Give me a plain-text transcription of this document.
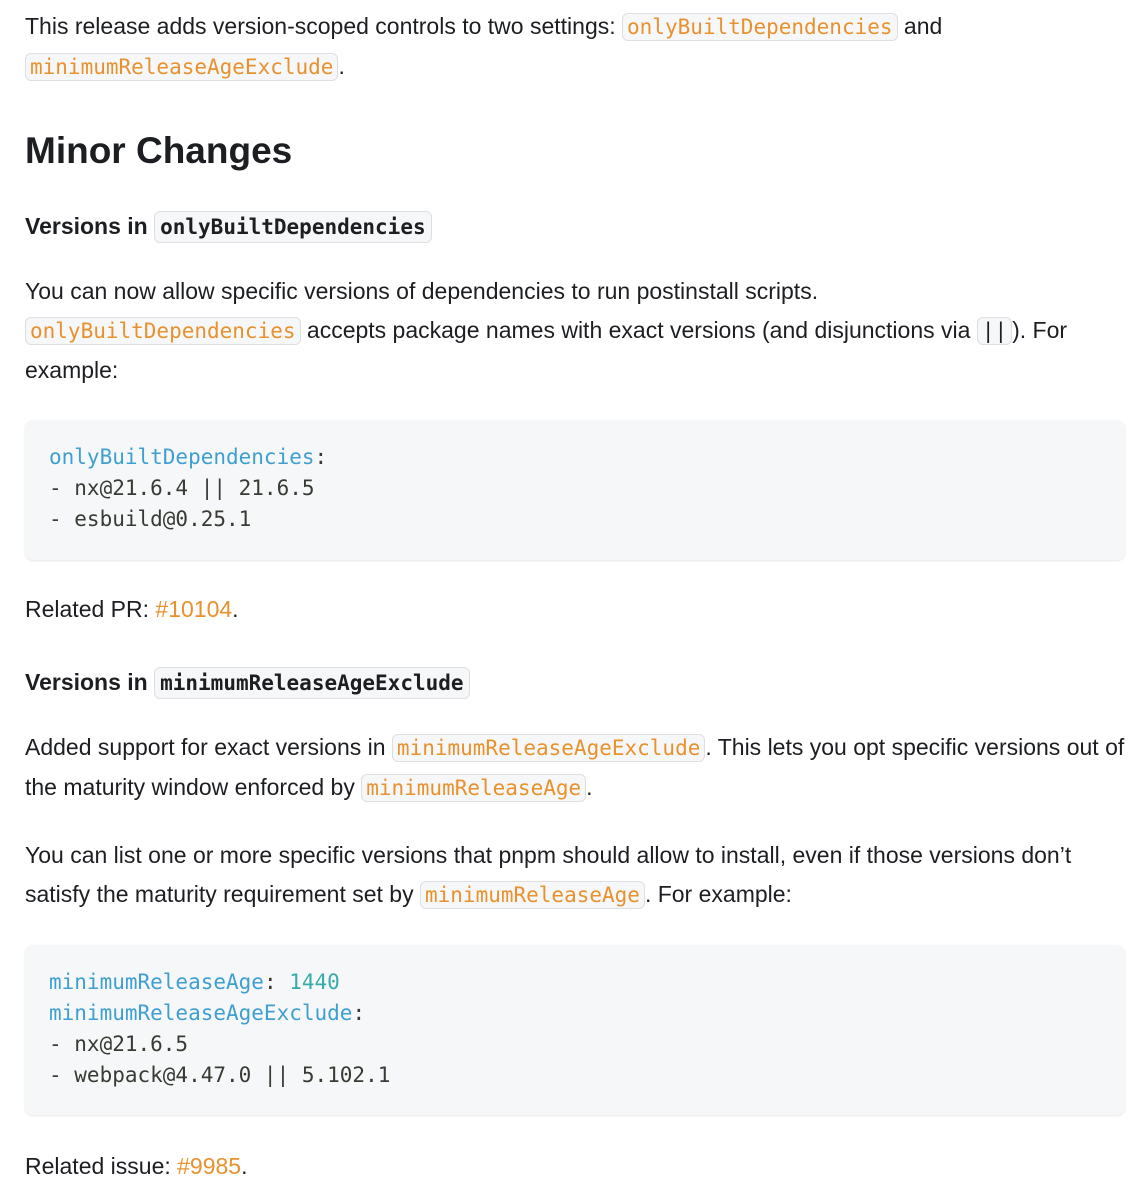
This release adds version-scoped controls to two settings: onlyBuiltDependencies and
minimumReleaseAgeExclude .

Minor Changes
Versions in onlyBuiltDependencies

You can now allow specific versions of dependencies to run postinstall scripts.
onlyBuiltDependencies accepts package names with exact versions (and disjunctions via || ). For example:

onlyBuiltDependencies:
- nx@21.6.4 || 21.6.5
- esbuild@0.25.1

Related PR: #10104.

Versions in minimumReleaseAgeExclude

Added support for exact versions in minimumReleaseAgeExclude . This lets you opt specific versions out of the maturity window enforced by minimumReleaseAge .

You can list one or more specific versions that pnpm should allow to install, even if those versions don’t satisfy the maturity requirement set by minimumReleaseAge . For example:

minimumReleaseAge: 1440
minimumReleaseAgeExclude:
- nx@21.6.5
- webpack@4.47.0 || 5.102.1

Related issue: #9985.
